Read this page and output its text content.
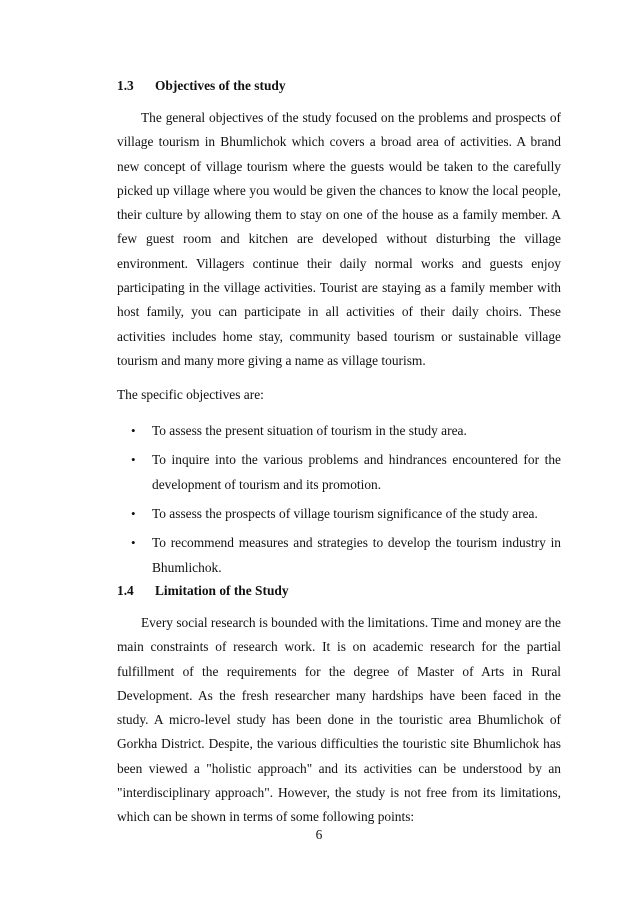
1.3 Objectives of the study

The general objectives of the study focused on the problems and prospects of village tourism in Bhumlichok which covers a broad area of activities. A brand new concept of village tourism where the guests would be taken to the carefully picked up village where you would be given the chances to know the local people, their culture by allowing them to stay on one of the house as a family member. A few guest room and kitchen are developed without disturbing the village environment. Villagers continue their daily normal works and guests enjoy participating in the village activities. Tourist are staying as a family member with host family, you can participate in all activities of their daily choirs. These activities includes home stay, community based tourism or sustainable village tourism and many more giving a name as village tourism.

The specific objectives are:

• To assess the present situation of tourism in the study area.
• To inquire into the various problems and hindrances encountered for the development of tourism and its promotion.
• To assess the prospects of village tourism significance of the study area.
• To recommend measures and strategies to develop the tourism industry in Bhumlichok.
1.4 Limitation of the Study

Every social research is bounded with the limitations. Time and money are the main constraints of research work. It is on academic research for the partial fulfillment of the requirements for the degree of Master of Arts in Rural Development. As the fresh researcher many hardships have been faced in the study. A micro-level study has been done in the touristic area Bhumlichok of Gorkha District. Despite, the various difficulties the touristic site Bhumlichok has been viewed a "holistic approach" and its activities can be understood by an "interdisciplinary approach". However, the study is not free from its limitations, which can be shown in terms of some following points:

6
